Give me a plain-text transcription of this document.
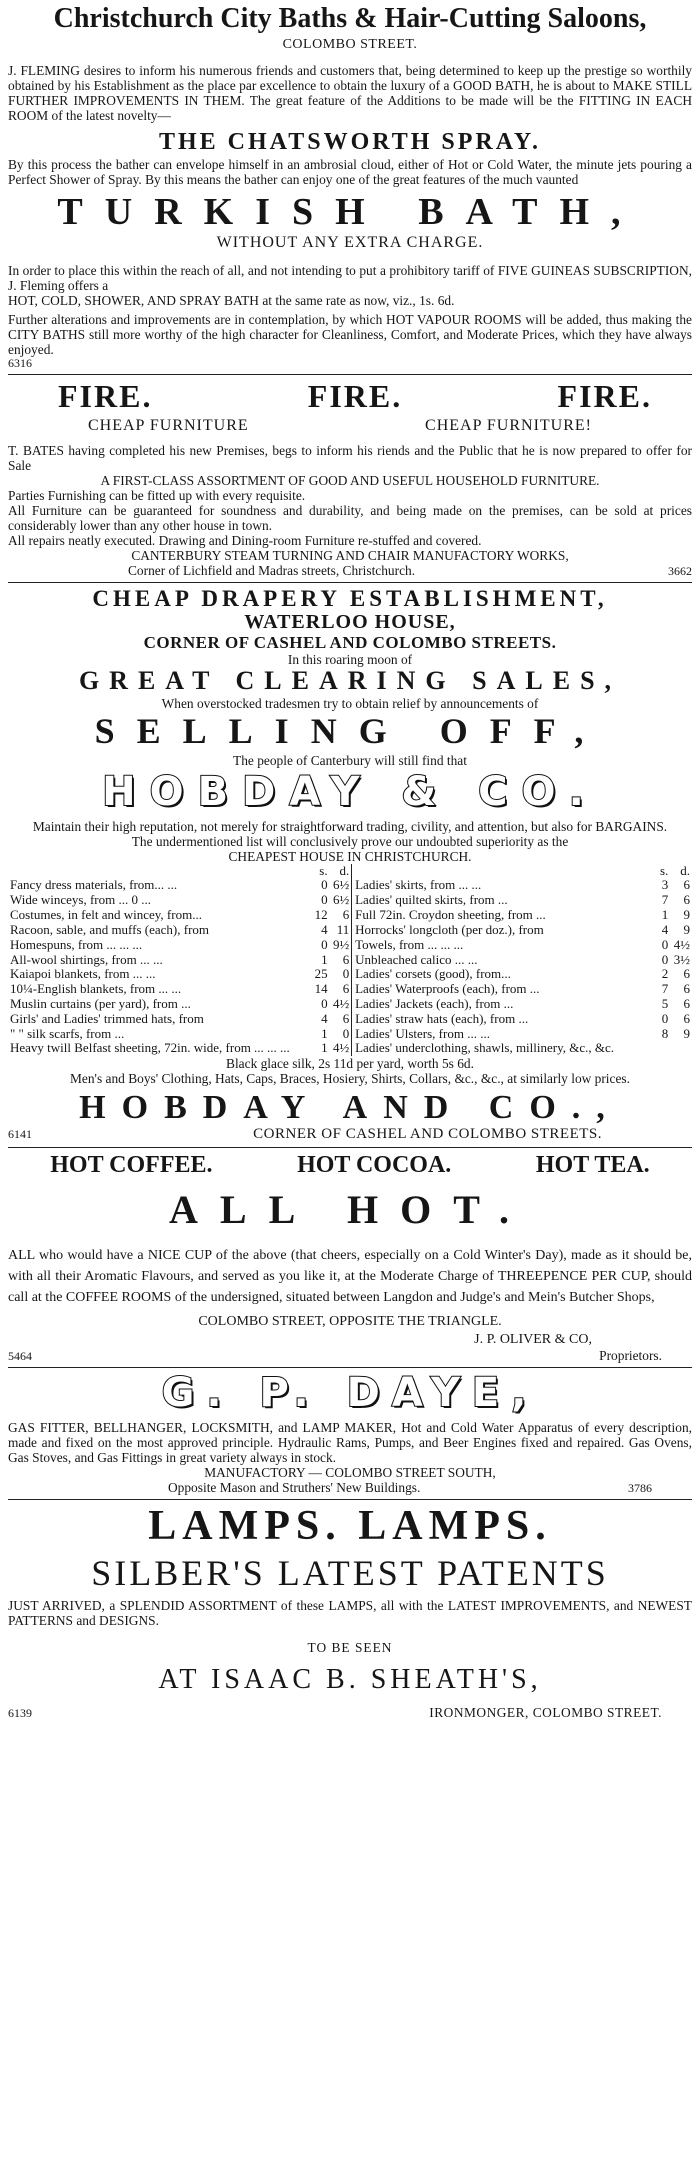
Christchurch City Baths & Hair-Cutting Saloons,
COLOMBO STREET.

J. FLEMING desires to inform his numerous friends and customers that, being determined to keep up the prestige so worthily obtained by his Establishment as the place par excellence to obtain the luxury of a GOOD BATH, he is about to MAKE STILL FURTHER IMPROVEMENTS IN THEM. The great feature of the Additions to be made will be the FITTING IN EACH ROOM of the latest novelty—

THE CHATSWORTH SPRAY.

By this process the bather can envelope himself in an ambrosial cloud, either of Hot or Cold Water, the minute jets pouring a Perfect Shower of Spray. By this means the bather can enjoy one of the great features of the much vaunted

TURKISH BATH,
WITHOUT ANY EXTRA CHARGE.

In order to place this within the reach of all, and not intending to put a prohibitory tariff of FIVE GUINEAS SUBSCRIPTION, J. Fleming offers a

HOT, COLD, SHOWER, AND SPRAY BATH at the same rate as now, viz., 1s. 6d.

Further alterations and improvements are in contemplation, by which HOT VAPOUR ROOMS will be added, thus making the CITY BATHS still more worthy of the high character for Cleanliness, Comfort, and Moderate Prices, which they have always enjoyed.

6316
FIRE.	FIRE.	FIRE.
CHEAP FURNITURE	CHEAP FURNITURE!

T. BATES having completed his new Premises, begs to inform his riends and the Public that he is now prepared to offer for Sale

A FIRST-CLASS ASSORTMENT OF GOOD AND USEFUL HOUSEHOLD FURNITURE.

Parties Furnishing can be fitted up with every requisite.

All Furniture can be guaranteed for soundness and durability, and being made on the premises, can be sold at prices considerably lower than any other house in town.

All repairs neatly executed. Drawing and Dining-room Furniture re-stuffed and covered.

CANTERBURY STEAM TURNING AND CHAIR MANUFACTORY WORKS,

Corner of Lichfield and Madras streets, Christchurch.	3662
CHEAP DRAPERY ESTABLISHMENT,
WATERLOO HOUSE,
CORNER OF CASHEL AND COLOMBO STREETS.
In this roaring moon of
GREAT CLEARING SALES,
When overstocked tradesmen try to obtain relief by announcements of
SELLING OFF,
The people of Canterbury will still find that
HOBDAY & CO.

Maintain their high reputation, not merely for straightforward trading, civility, and attention, but also for BARGAINS.

The undermentioned list will conclusively prove our undoubted superiority as the

CHEAPEST HOUSE IN CHRISTCHURCH.

	s.	d.			s.	d.
Fancy dress materials, from... ...	0	6½		Ladies' skirts, from ... ...	3	6
Wide winceys, from ... 0 ...	0	6½		Ladies' quilted skirts, from ...	7	6
Costumes, in felt and wincey, from...	12	6		Full 72in. Croydon sheeting, from ...	1	9
Racoon, sable, and muffs (each), from	4	11		Horrocks' longcloth (per doz.), from	4	9
Homespuns, from ... ... ...	0	9½		Towels, from ... ... ...	0	4½
All-wool shirtings, from ... ...	1	6		Unbleached calico ... ...	0	3½
Kaiapoi blankets, from ... ...	25	0		Ladies' corsets (good), from...	2	6
10¼-English blankets, from ... ...	14	6		Ladies' Waterproofs (each), from ...	7	6
Muslin curtains (per yard), from ...	0	4½		Ladies' Jackets (each), from ...	5	6
Girls' and Ladies' trimmed hats, from	4	6		Ladies' straw hats (each), from ...	0	6
" " silk scarfs, from ...	1	0		Ladies' Ulsters, from ... ...	8	9
Heavy twill Belfast sheeting, 72in. wide, from ... ... ...	1	4½		Ladies' underclothing, shawls, millinery, &c., &c.		

Black glace silk, 2s 11d per yard, worth 5s 6d.

Men's and Boys' Clothing, Hats, Caps, Braces, Hosiery, Shirts, Collars, &c., &c., at similarly low prices.

HOBDAY AND CO.,
6141	CORNER OF CASHEL AND COLOMBO STREETS.
HOT COFFEE.	HOT COCOA.	HOT TEA.
ALL HOT.

ALL who would have a NICE CUP of the above (that cheers, especially on a Cold Winter's Day), made as it should be, with all their Aromatic Flavours, and served as you like it, at the Moderate Charge of THREEPENCE PER CUP, should call at the COFFEE ROOMS of the undersigned, situated between Langdon and Judge's and Mein's Butcher Shops,

COLOMBO STREET, OPPOSITE THE TRIANGLE.
J. P. OLIVER & CO,
5464	Proprietors.
G. P. DAYE,

GAS FITTER, BELLHANGER, LOCKSMITH, and LAMP MAKER, Hot and Cold Water Apparatus of every description, made and fixed on the most approved principle. Hydraulic Rams, Pumps, and Beer Engines fixed and repaired. Gas Ovens, Gas Stoves, and Gas Fittings in great variety always in stock.

MANUFACTORY — COLOMBO STREET SOUTH,

Opposite Mason and Struthers' New Buildings.	3786
LAMPS. LAMPS.
SILBER'S LATEST PATENTS

JUST ARRIVED, a SPLENDID ASSORTMENT of these LAMPS, all with the LATEST IMPROVEMENTS, and NEWEST PATTERNS and DESIGNS.

TO BE SEEN
AT ISAAC B. SHEATH'S,
6139	IRONMONGER, COLOMBO STREET.
